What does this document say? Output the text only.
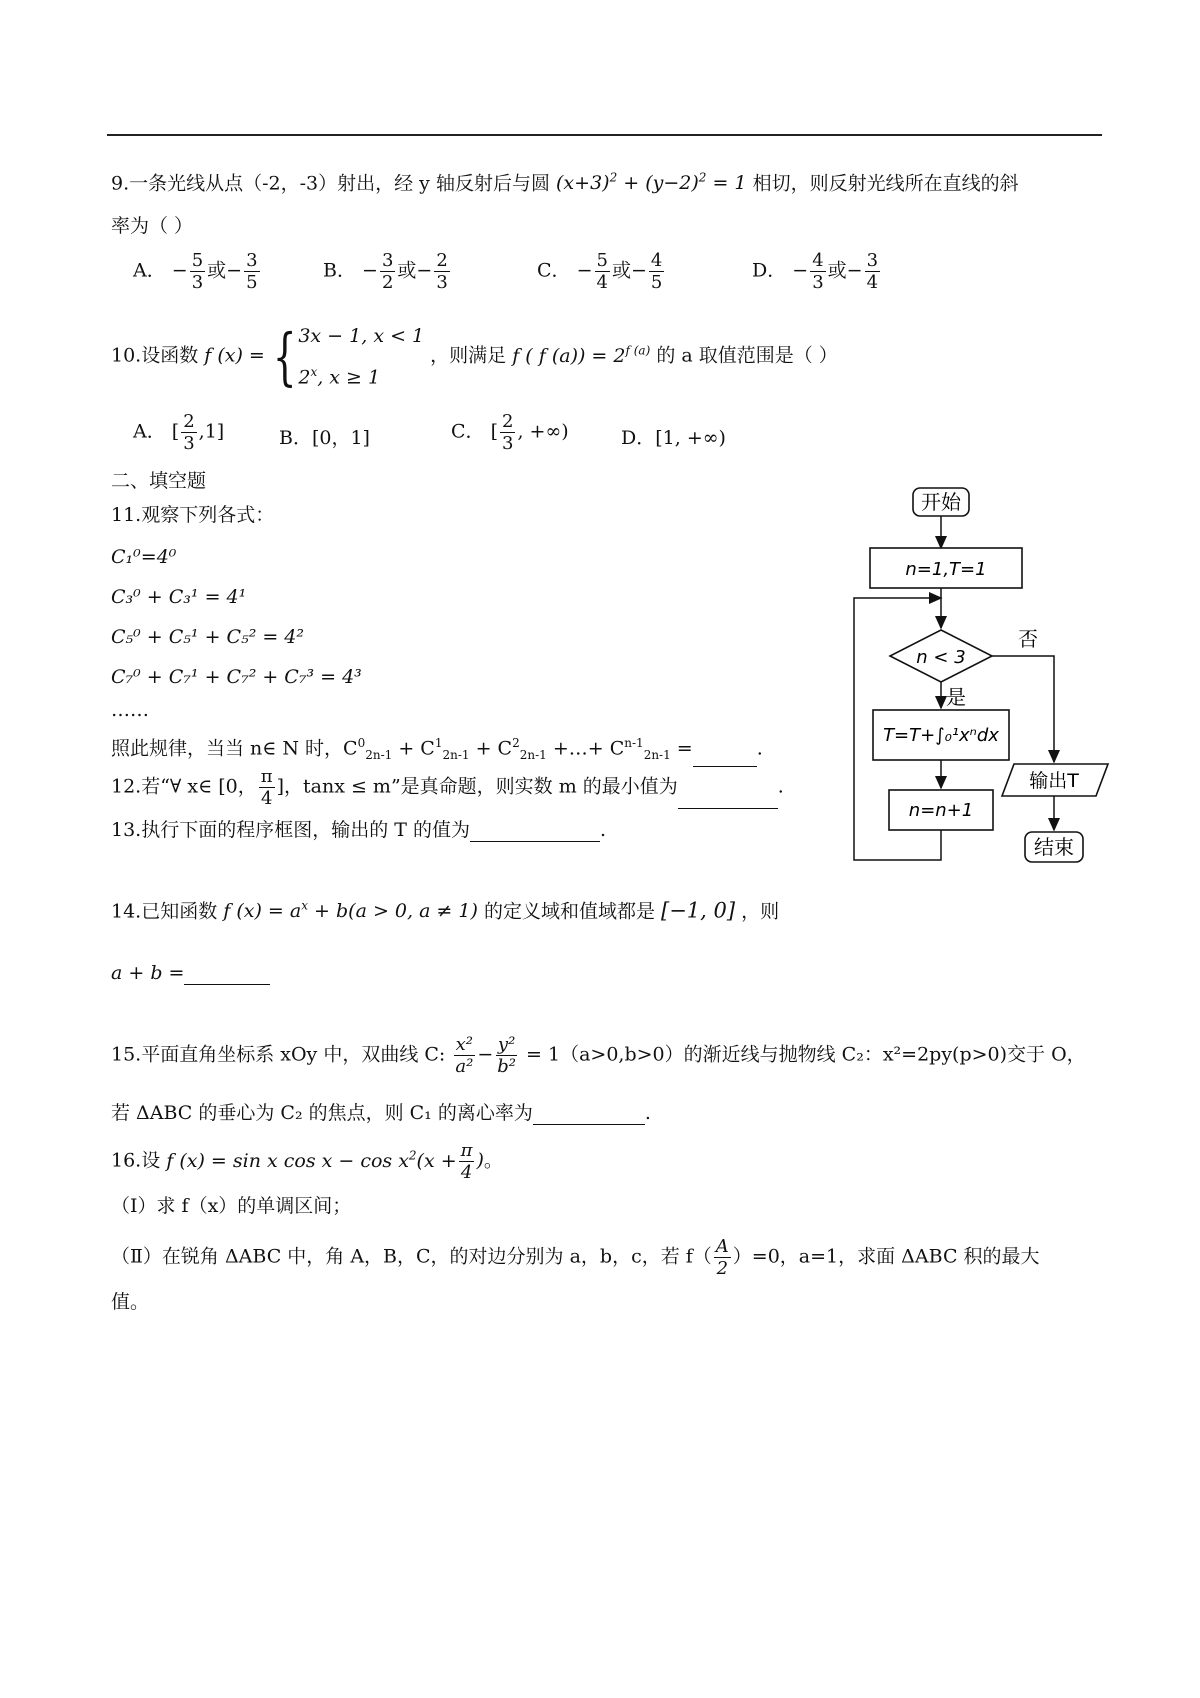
9.一条光线从点（-2，-3）射出，经 y 轴反射后与圆 $(x+3)^2 + (y-2)^2 = 1$ 相切，则反射光线所在直线的斜
率为（ ）
A． − $\frac{5}{3}$ 或− $\frac{3}{5}$	B． − $\frac{3}{2}$ 或− $\frac{2}{3}$	C． − $\frac{5}{4}$ 或− $\frac{4}{5}$	D． − $\frac{4}{3}$ 或− $\frac{3}{4}$
10.设函数 f (x) = { 3x − 1, x < 1
2$^x$, x ≥ 1
，则满足 f ( f $(a)) = 2^{f (a)}$ 的 a 取值范围是（ ）
A． [ $\frac{2}{3} ,1$]	B．[0，1]	C． [ $\frac{2}{3}$ , +∞)	D．[1, +∞)
二、填空题
11.观察下列各式：
C₁⁰=4⁰
C₃⁰ + C₃¹ = 4¹
C₅⁰ + C₅¹ + C₅² = 4²
C₇⁰ + C₇¹ + C₇² + C₇³ = 4³
……
照此规律，当当 n∈ N 时，$C^0_{2n-1} + C^1_{2n-1} + C^2_{2n-1}$ +…+ $C^{n-1}_{2n-1}$ =	.
12.若“∀ x∈ [0， $\frac{\pi}{4}$ ]，tanx ≤ m”是真命题，则实数 m 的最小值为	.
13.执行下面的程序框图，输出的 T 的值为	.
开始
n=1,T=1
n < 3
否
是
T=T+∫₀¹xⁿdx
n=n+1
输出T
结束
14.已知函数 f $(x) = a^x + b(a > 0$, a ≠ 1) 的定义域和值域都是 [−1, 0] ，则
a + b =
15.平面直角坐标系 xOy 中，双曲线 C: $\frac{\text{x²}}{\text{a²}} - \frac{\text{y²}}{\text{b²}} = 1(a>0,b>0)$的渐近线与抛物线 C₂：x²=2py(p>0)交于 O，
若 ΔABC 的垂心为 C₂ 的焦点，则 C₁ 的离心率为	.
16.设 f (x) = sin x $\cos x - \cos x^2(x + \frac{\pi}{4}$ )。
（Ⅰ）求 f（x）的单调区间；
（Ⅱ）在锐角 ΔABC 中，角 A，B，C，的对边分别为 a，b，c，若 $f( \frac{A}{2} )=0$，a=1，求面 ΔABC 积的最大
值。
